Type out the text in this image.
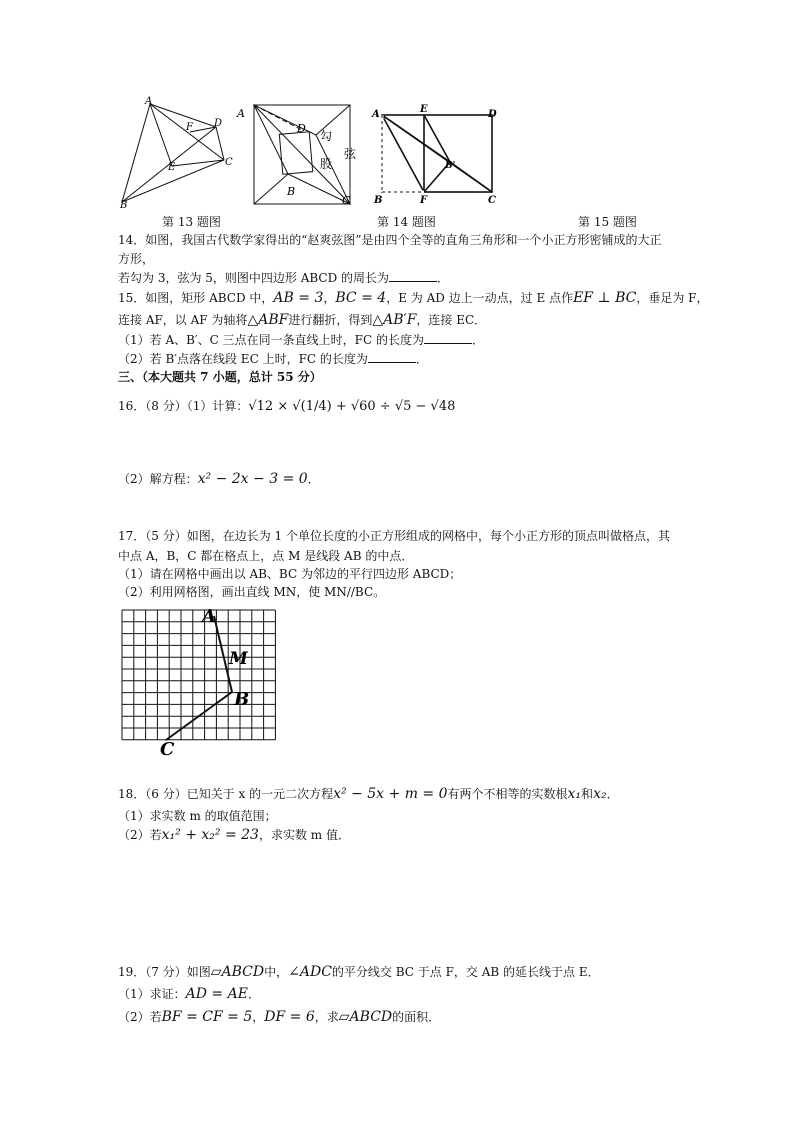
A
D
F
E	C
B
A
D
B
C
勾
股
弦
A	E	D
B'
B	F	C
第 13 题图	第 14 题图	第 15 题图
14．如图，我国古代数学家得出的“赵爽弦图”是由四个全等的直角三角形和一个小正方形密铺成的大正
方形，
若勾为 3，弦为 5，则图中四边形 ABCD 的周长为	．
15．如图，矩形 ABCD 中，AB = 3，BC = 4，E 为 AD 边上一动点，过 E 点作EF ⊥ BC，垂足为 F，
连接 AF，以 AF 为轴将△ABF进行翻折，得到△AB′F，连接 EC．
（1）若 A、B′、C 三点在同一条直线上时，FC 的长度为	．
（2）若 B′点落在线段 EC 上时，FC 的长度为	．
三、（本大题共 7 小题，总计 55 分）
16．（8 分）（1）计算：√12 × √(1/4) + √60 ÷ √5 − √48
（2）解方程：x² − 2x − 3 = 0．
17．（5 分）如图，在边长为 1 个单位长度的小正方形组成的网格中，每个小正方形的顶点叫做格点，其
中点 A，B，C 都在格点上，点 M 是线段 AB 的中点．
（1）请在网格中画出以 AB、BC 为邻边的平行四边形 ABCD；
（2）利用网格图，画出直线 MN，使 MN//BC。
A
M
B
C
18．（6 分）已知关于 x 的一元二次方程x² − 5x + m = 0有两个不相等的实数根x₁和x₂．
（1）求实数 m 的取值范围；
（2）若x₁² + x₂² = 23，求实数 m 值．
19．（7 分）如图▱ABCD中，∠ADC的平分线交 BC 于点 F，交 AB 的延长线于点 E．
（1）求证：AD = AE．
（2）若BF = CF = 5，DF = 6，求▱ABCD的面积．
